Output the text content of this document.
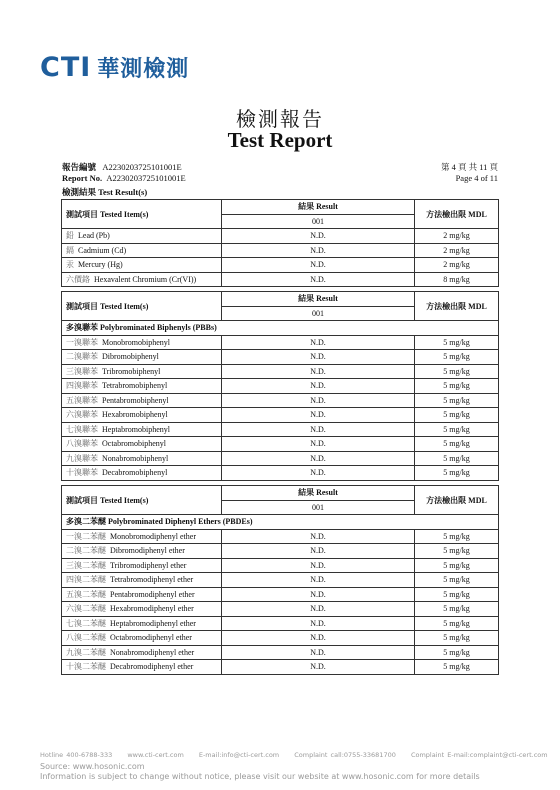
CTI 華測檢測
檢測報告
Test Report
報告編號 A2230203725101001E
Report No. A2230203725101001E
第 4 頁 共 11 頁
Page 4 of 11
檢測結果 Test Result(s)
測試項目 Tested Item(s)	結果 Result	方法檢出限 MDL
	001	
鉛 Lead (Pb)	N.D.	2 mg/kg
鎘 Cadmium (Cd)	N.D.	2 mg/kg
汞 Mercury (Hg)	N.D.	2 mg/kg
六價鉻 Hexavalent Chromium (Cr(VI))	N.D.	8 mg/kg
測試項目 Tested Item(s)	結果 Result	方法檢出限 MDL
	001	
多溴聯苯 Polybrominated Biphenyls (PBBs)		
一溴聯苯 Monobromobiphenyl	N.D.	5 mg/kg
二溴聯苯 Dibromobiphenyl	N.D.	5 mg/kg
三溴聯苯 Tribromobiphenyl	N.D.	5 mg/kg
四溴聯苯 Tetrabromobiphenyl	N.D.	5 mg/kg
五溴聯苯 Pentabromobiphenyl	N.D.	5 mg/kg
六溴聯苯 Hexabromobiphenyl	N.D.	5 mg/kg
七溴聯苯 Heptabromobiphenyl	N.D.	5 mg/kg
八溴聯苯 Octabromobiphenyl	N.D.	5 mg/kg
九溴聯苯 Nonabromobiphenyl	N.D.	5 mg/kg
十溴聯苯 Decabromobiphenyl	N.D.	5 mg/kg
測試項目 Tested Item(s)	結果 Result	方法檢出限 MDL
	001	
多溴二苯醚 Polybrominated Diphenyl Ethers (PBDEs)		
一溴二苯醚 Monobromodiphenyl ether	N.D.	5 mg/kg
二溴二苯醚 Dibromodiphenyl ether	N.D.	5 mg/kg
三溴二苯醚 Tribromodiphenyl ether	N.D.	5 mg/kg
四溴二苯醚 Tetrabromodiphenyl ether	N.D.	5 mg/kg
五溴二苯醚 Pentabromodiphenyl ether	N.D.	5 mg/kg
六溴二苯醚 Hexabromodiphenyl ether	N.D.	5 mg/kg
七溴二苯醚 Heptabromodiphenyl ether	N.D.	5 mg/kg
八溴二苯醚 Octabromodiphenyl ether	N.D.	5 mg/kg
九溴二苯醚 Nonabromodiphenyl ether	N.D.	5 mg/kg
十溴二苯醚 Decabromodiphenyl ether	N.D.	5 mg/kg
Hotline 400-6788-333 www.cti-cert.com E-mail:info@cti-cert.com Complaint call:0755-33681700 Complaint E-mail:complaint@cti-cert.com
Source: www.hosonic.com
Information is subject to change without notice, please visit our website at www.hosonic.com for more details
